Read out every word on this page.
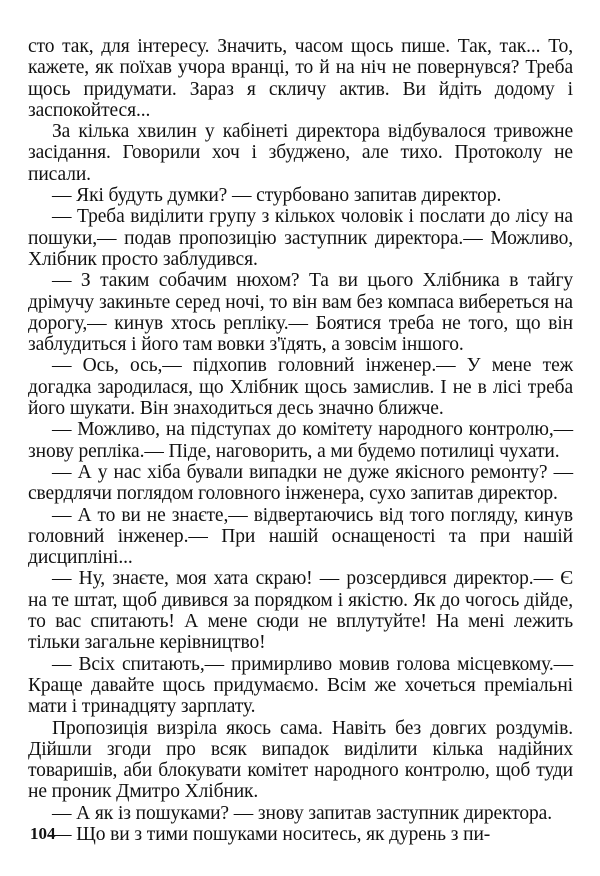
сто так, для інтересу. Значить, часом щось пише. Так, так... То, кажете, як поїхав учора вранці, то й на ніч не повернувся? Треба щось придумати. Зараз я скличу актив. Ви йдіть додому і заспокойтеся...

За кілька хвилин у кабінеті директора відбувалося тривожне засідання. Говорили хоч і збуджено, але тихо. Протоколу не писали.

— Які будуть думки? — стурбовано запитав директор.

— Треба виділити групу з кількох чоловік і послати до лісу на пошуки,— подав пропозицію заступник директора.— Можливо, Хлібник просто заблудився.

— З таким собачим нюхом? Та ви цього Хлібника в тайгу дрімучу закиньте серед ночі, то він вам без компаса вибереться на дорогу,— кинув хтось репліку.— Боятися треба не того, що він заблудиться і його там вовки з'їдять, а зовсім іншого.

— Ось, ось,— підхопив головний інженер.— У мене теж догадка зародилася, що Хлібник щось замислив. І не в лісі треба його шукати. Він знаходиться десь значно ближче.

— Можливо, на підступах до комітету народного контролю,— знову репліка.— Піде, наговорить, а ми будемо потилиці чухати.

— А у нас хіба бували випадки не дуже якісного ремонту? — свердлячи поглядом головного інженера, сухо запитав директор.

— А то ви не знаєте,— відвертаючись від того погляду, кинув головний інженер.— При нашій оснащеності та при нашій дисципліні...

— Ну, знаєте, моя хата скраю! — розсердився директор.— Є на те штат, щоб дивився за порядком і якістю. Як до чогось дійде, то вас спитають! А мене сюди не вплутуйте! На мені лежить тільки загальне керівництво!

— Всіх спитають,— примирливо мовив голова місцевкому.— Краще давайте щось придумаємо. Всім же хочеться преміальні мати і тринадцяту зарплату.

Пропозиція визріла якось сама. Навіть без довгих роздумів. Дійшли згоди про всяк випадок виділити кілька надійних товаришів, аби блокувати комітет народного контролю, щоб туди не проник Дмитро Хлібник.

— А як із пошуками? — знову запитав заступник директора.

— Що ви з тими пошуками носитесь, як дурень з пи-

104
